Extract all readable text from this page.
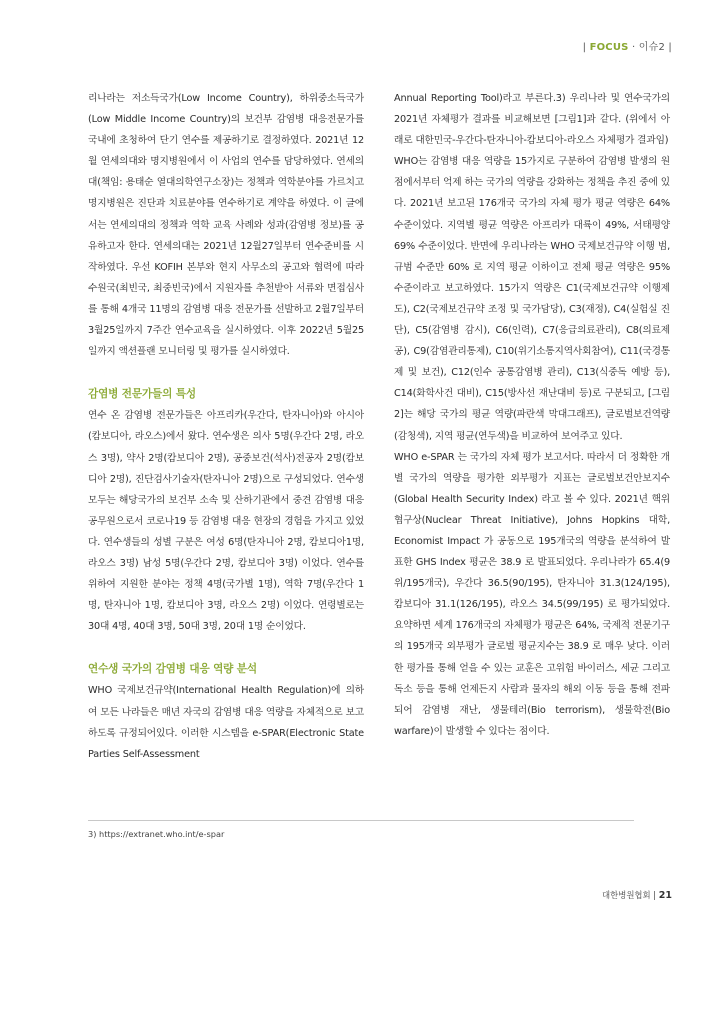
| FOCUS · 이슈2 |

리나라는 저소득국가(Low Income Country), 하위중소득국가(Low Middle Income Country)의 보건부 감염병 대응전문가를 국내에 초청하여 단기 연수를 제공하기로 결정하였다. 2021년 12월 연세의대와 명지병원에서 이 사업의 연수를 담당하였다. 연세의대(책임: 용태순 열대의학연구소장)는 정책과 역학분야를 가르치고 명지병원은 진단과 치료분야를 연수하기로 계약을 하였다. 이 글에서는 연세의대의 정책과 역학 교육 사례와 성과(감염병 정보)를 공유하고자 한다. 연세의대는 2021년 12월27일부터 연수준비를 시작하였다. 우선 KOFIH 본부와 현지 사무소의 공고와 협력에 따라 수원국(최빈국, 최중빈국)에서 지원자를 추천받아 서류와 면접심사를 통해 4개국 11명의 감염병 대응 전문가를 선발하고 2월7일부터 3월25일까지 7주간 연수교육을 실시하였다. 이후 2022년 5월25일까지 액션플랜 모니터링 및 평가를 실시하였다.

감염병 전문가들의 특성

연수 온 감염병 전문가들은 아프리카(우간다, 탄자니아)와 아시아(캄보디아, 라오스)에서 왔다. 연수생은 의사 5명(우간다 2명, 라오스 3명), 약사 2명(캄보디아 2명), 공중보건(석사)전공자 2명(캄보디아 2명), 진단검사기술자(탄자니아 2명)으로 구성되었다. 연수생 모두는 해당국가의 보건부 소속 및 산하기관에서 중견 감염병 대응 공무원으로서 코로나19 등 감염병 대응 현장의 경험을 가지고 있었다. 연수생들의 성별 구분은 여성 6명(탄자니아 2명, 캄보디아1명, 라오스 3명) 남성 5명(우간다 2명, 캄보디아 3명) 이었다. 연수를 위하여 지원한 분야는 정책 4명(국가별 1명), 역학 7명(우간다 1명, 탄자니아 1명, 캄보디아 3명, 라오스 2명) 이었다. 연령별로는 30대 4명, 40대 3명, 50대 3명, 20대 1명 순이었다.

연수생 국가의 감염병 대응 역량 분석

WHO 국제보건규약(International Health Regulation)에 의하여 모든 나라들은 매년 자국의 감염병 대응 역량을 자체적으로 보고하도록 규정되어있다. 이러한 시스템을 e-SPAR(Electronic State Parties Self-Assessment

Annual Reporting Tool)라고 부른다.3) 우리나라 및 연수국가의 2021년 자체평가 결과를 비교해보면 [그림1]과 같다. (위에서 아래로 대한민국-우간다-탄자니아-캄보디아-라오스 자체평가 결과임)

WHO는 감염병 대응 역량을 15가지로 구분하여 감염병 발생의 원점에서부터 억제 하는 국가의 역량을 강화하는 정책을 추진 중에 있다. 2021년 보고된 176개국 국가의 자체 평가 평균 역량은 64% 수준이었다. 지역별 평균 역량은 아프리카 대륙이 49%, 서태평양 69% 수준이었다. 반면에 우리나라는 WHO 국제보건규약 이행 범, 규범 수준만 60% 로 지역 평균 이하이고 전체 평균 역량은 95% 수준이라고 보고하였다. 15가지 역량은 C1(국제보건규약 이행제도), C2(국제보건규약 조정 및 국가담당), C3(재정), C4(실험실 진단), C5(감염병 감시), C6(인력), C7(응급의료관리), C8(의료제공), C9(감염관리통제), C10(위기소통지역사회참여), C11(국경통제 및 보건), C12(인수 공통감염병 관리), C13(식중독 예방 등), C14(화학사건 대비), C15(방사선 재난대비 등)로 구분되고, [그림2]는 해당 국가의 평균 역량(파란색 막대그래프), 글로벌보건역량(감청색), 지역 평균(연두색)을 비교하여 보여주고 있다.

WHO e-SPAR 는 국가의 자체 평가 보고서다. 따라서 더 정확한 개별 국가의 역량을 평가한 외부평가 지표는 글로벌보건안보지수(Global Health Security Index) 라고 볼 수 있다. 2021년 핵위협구상(Nuclear Threat Initiative), Johns Hopkins 대학, Economist Impact 가 공동으로 195개국의 역량을 분석하여 발표한 GHS Index 평균은 38.9 로 발표되었다. 우리나라가 65.4(9위/195개국), 우간다 36.5(90/195), 탄자니아 31.3(124/195), 캄보디아 31.1(126/195), 라오스 34.5(99/195) 로 평가되었다. 요약하면 세계 176개국의 자체평가 평균은 64%, 국제적 전문기구의 195개국 외부평가 글로벌 평균지수는 38.9 로 매우 낮다. 이러한 평가를 통해 얻을 수 있는 교훈은 고위험 바이러스, 세균 그리고 독소 등을 통해 언제든지 사람과 물자의 해외 이동 등을 통해 전파되어 감염병 재난, 생물테러(Bio terrorism), 생물학전(Bio warfare)이 발생할 수 있다는 점이다.

3) https://extranet.who.int/e-spar
대한병원협회 | 21
